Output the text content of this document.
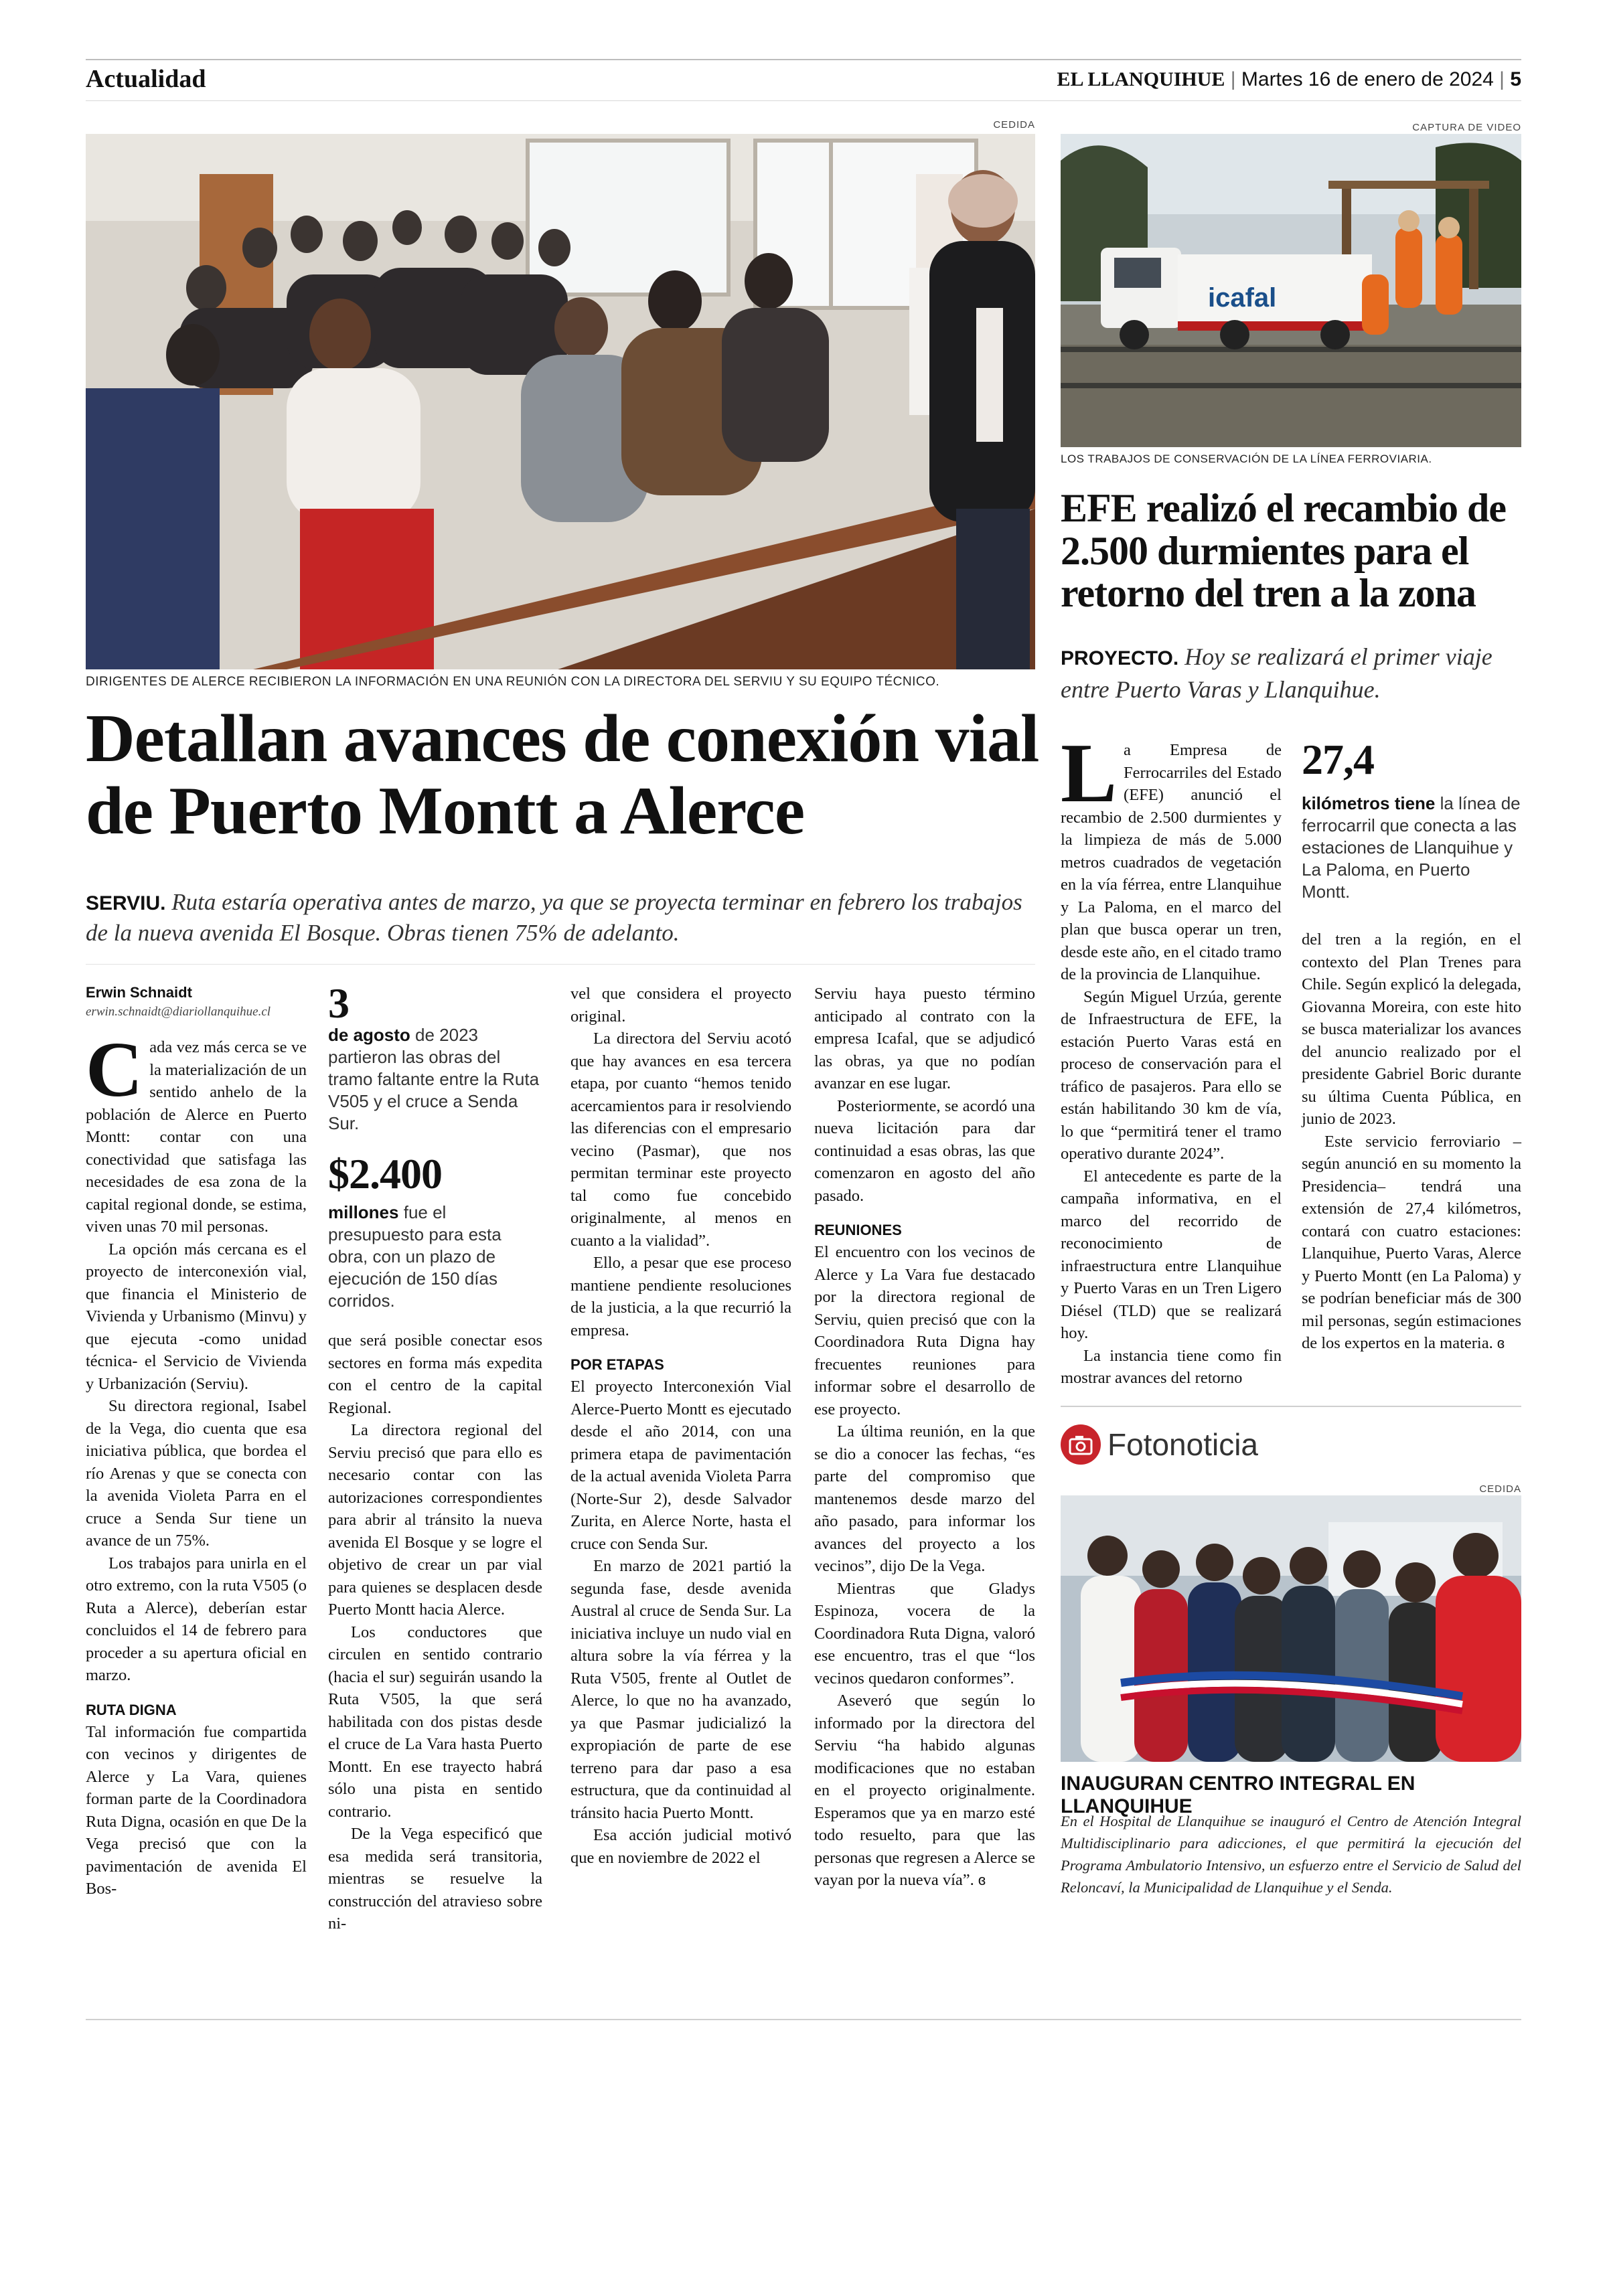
Actualidad	EL LLANQUIHUE | Martes 16 de enero de 2024 | 5
CEDIDA
DIRIGENTES DE ALERCE RECIBIERON LA INFORMACIÓN EN UNA REUNIÓN CON LA DIRECTORA DEL SERVIU Y SU EQUIPO TÉCNICO.
Detallan avances de conexión vial de Puerto Montt a Alerce
SERVIU. Ruta estaría operativa antes de marzo, ya que se proyecta terminar en febrero los trabajos de la nueva avenida El Bosque. Obras tienen 75% de adelanto.
Erwin Schnaidt
erwin.schnaidt@diariollanquihue.cl

Cada vez más cerca se ve la materialización de un sentido anhelo de la población de Alerce en Puerto Montt: contar con una conectividad que satisfaga las necesidades de esa zona de la capital regional donde, se estima, viven unas 70 mil personas.

La opción más cercana es el proyecto de interconexión vial, que financia el Ministerio de Vivienda y Urbanismo (Minvu) y que ejecuta -como unidad técnica- el Servicio de Vivienda y Urbanización (Serviu).

Su directora regional, Isabel de la Vega, dio cuenta que esa iniciativa pública, que bordea el río Arenas y que se conecta con la avenida Violeta Parra en el cruce a Senda Sur tiene un avance de un 75%.

Los trabajos para unirla en el otro extremo, con la ruta V505 (o Ruta a Alerce), deberían estar concluidos el 14 de febrero para proceder a su apertura oficial en marzo.

RUTA DIGNA

Tal información fue compartida con vecinos y dirigentes de Alerce y La Vara, quienes forman parte de la Coordinadora Ruta Digna, ocasión en que De la Vega precisó que con la pavimentación de avenida El Bos-

3
de agosto de 2023 partieron las obras del tramo faltante entre la Ruta V505 y el cruce a Senda Sur.
$2.400
millones fue el presupuesto para esta obra, con un plazo de ejecución de 150 días corridos.

que será posible conectar esos sectores en forma más expedita con el centro de la capital Regional.

La directora regional del Serviu precisó que para ello es necesario contar con las autorizaciones correspondientes para abrir al tránsito la nueva avenida El Bosque y se logre el objetivo de crear un par vial para quienes se desplacen desde Puerto Montt hacia Alerce.

Los conductores que circulen en sentido contrario (hacia el sur) seguirán usando la Ruta V505, la que será habilitada con dos pistas desde el cruce de La Vara hasta Puerto Montt. En ese trayecto habrá sólo una pista en sentido contrario.

De la Vega especificó que esa medida será transitoria, mientras se resuelve la construcción del atravieso sobre ni-

vel que considera el proyecto original.

La directora del Serviu acotó que hay avances en esa tercera etapa, por cuanto “hemos tenido acercamientos para ir resolviendo las diferencias con el empresario vecino (Pasmar), que nos permitan terminar este proyecto tal como fue concebido originalmente, al menos en cuanto a la vialidad”.

Ello, a pesar que ese proceso mantiene pendiente resoluciones de la justicia, a la que recurrió la empresa.

POR ETAPAS

El proyecto Interconexión Vial Alerce-Puerto Montt es ejecutado desde el año 2014, con una primera etapa de pavimentación de la actual avenida Violeta Parra (Norte-Sur 2), desde Salvador Zurita, en Alerce Norte, hasta el cruce con Senda Sur.

En marzo de 2021 partió la segunda fase, desde avenida Austral al cruce de Senda Sur. La iniciativa incluye un nudo vial en altura sobre la vía férrea y la Ruta V505, frente al Outlet de Alerce, lo que no ha avanzado, ya que Pasmar judicializó la expropiación de parte de ese terreno para dar paso a esa estructura, que da continuidad al tránsito hacia Puerto Montt.

Esa acción judicial motivó que en noviembre de 2022 el

Serviu haya puesto término anticipado al contrato con la empresa Icafal, que se adjudicó las obras, ya que no podían avanzar en ese lugar.

Posteriormente, se acordó una nueva licitación para dar continuidad a esas obras, las que comenzaron en agosto del año pasado.

REUNIONES

El encuentro con los vecinos de Alerce y La Vara fue destacado por la directora regional de Serviu, quien precisó que con la Coordinadora Ruta Digna hay frecuentes reuniones para informar sobre el desarrollo de ese proyecto.

La última reunión, en la que se dio a conocer las fechas, “es parte del compromiso que mantenemos desde marzo del año pasado, para informar los avances del proyecto a los vecinos”, dijo De la Vega.

Mientras que Gladys Espinoza, vocera de la Coordinadora Ruta Digna, valoró ese encuentro, tras el que “los vecinos quedaron conformes”.

Aseveró que según lo informado por la directora del Serviu “ha habido algunas modificaciones que no estaban en el proyecto originalmente. Esperamos que ya en marzo esté todo resuelto, para que las personas que regresen a Alerce se vayan por la nueva vía”. ɞ

CAPTURA DE VIDEO
icafal
LOS TRABAJOS DE CONSERVACIÓN DE LA LÍNEA FERROVIARIA.
EFE realizó el recambio de 2.500 durmientes para el retorno del tren a la zona
PROYECTO. Hoy se realizará el primer viaje entre Puerto Varas y Llanquihue.

La Empresa de Ferrocarriles del Estado (EFE) anunció el recambio de 2.500 durmientes y la limpieza de más de 5.000 metros cuadrados de vegetación en la vía férrea, entre Llanquihue y La Paloma, en el marco del plan que busca operar un tren, desde este año, en el citado tramo de la provincia de Llanquihue.

Según Miguel Urzúa, gerente de Infraestructura de EFE, la estación Puerto Varas está en proceso de conservación para el tráfico de pasajeros. Para ello se están habilitando 30 km de vía, lo que “permitirá tener el tramo operativo durante 2024”.

El antecedente es parte de la campaña informativa, en el marco del recorrido de reconocimiento de infraestructura entre Llanquihue y Puerto Varas en un Tren Ligero Diésel (TLD) que se realizará hoy.

La instancia tiene como fin mostrar avances del retorno

27,4
kilómetros tiene la línea de ferrocarril que conecta a las estaciones de Llanquihue y La Paloma, en Puerto Montt.

del tren a la región, en el contexto del Plan Trenes para Chile. Según explicó la delegada, Giovanna Moreira, con este hito se busca materializar los avances del anuncio realizado por el presidente Gabriel Boric durante su última Cuenta Pública, en junio de 2023.

Este servicio ferroviario –según anunció en su momento la Presidencia– tendrá una extensión de 27,4 kilómetros, contará con cuatro estaciones: Llanquihue, Puerto Varas, Alerce y Puerto Montt (en La Paloma) y se podrían beneficiar más de 300 mil personas, según estimaciones de los expertos en la materia. ɞ

Fotonoticia
CEDIDA
INAUGURAN CENTRO INTEGRAL EN LLANQUIHUE
En el Hospital de Llanquihue se inauguró el Centro de Atención Integral Multidisciplinario para adicciones, el que permitirá la ejecución del Programa Ambulatorio Intensivo, un esfuerzo entre el Servicio de Salud del Reloncaví, la Municipalidad de Llanquihue y el Senda.
